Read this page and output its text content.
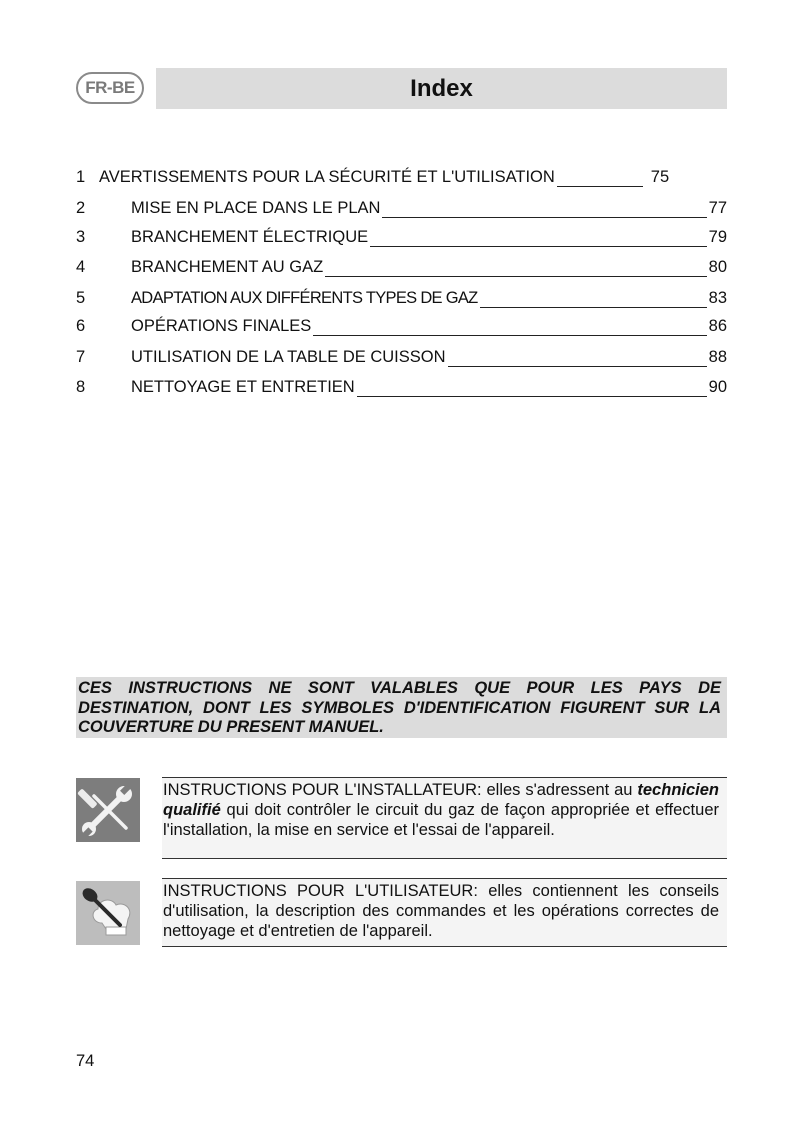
FR-BE	Index
1 AVERTISSEMENTS POUR LA SÉCURITÉ ET L'UTILISATION	75
2	MISE EN PLACE DANS LE PLAN	77
3	BRANCHEMENT ÉLECTRIQUE	79
4	BRANCHEMENT AU GAZ	80
5	ADAPTATION AUX DIFFÉRENTS TYPES DE GAZ	83
6	OPÉRATIONS FINALES	86
7	UTILISATION DE LA TABLE DE CUISSON	88
8	NETTOYAGE ET ENTRETIEN	90
CES INSTRUCTIONS NE SONT VALABLES QUE POUR LES PAYS DE DESTINATION, DONT LES SYMBOLES D'IDENTIFICATION FIGURENT SUR LA COUVERTURE DU PRESENT MANUEL.
INSTRUCTIONS POUR L'INSTALLATEUR: elles s'adressent au technicien qualifié qui doit contrôler le circuit du gaz de façon appropriée et effectuer l'installation, la mise en service et l'essai de l'appareil.
INSTRUCTIONS POUR L'UTILISATEUR: elles contiennent les conseils d'utilisation, la description des commandes et les opérations correctes de nettoyage et d'entretien de l'appareil.
74
